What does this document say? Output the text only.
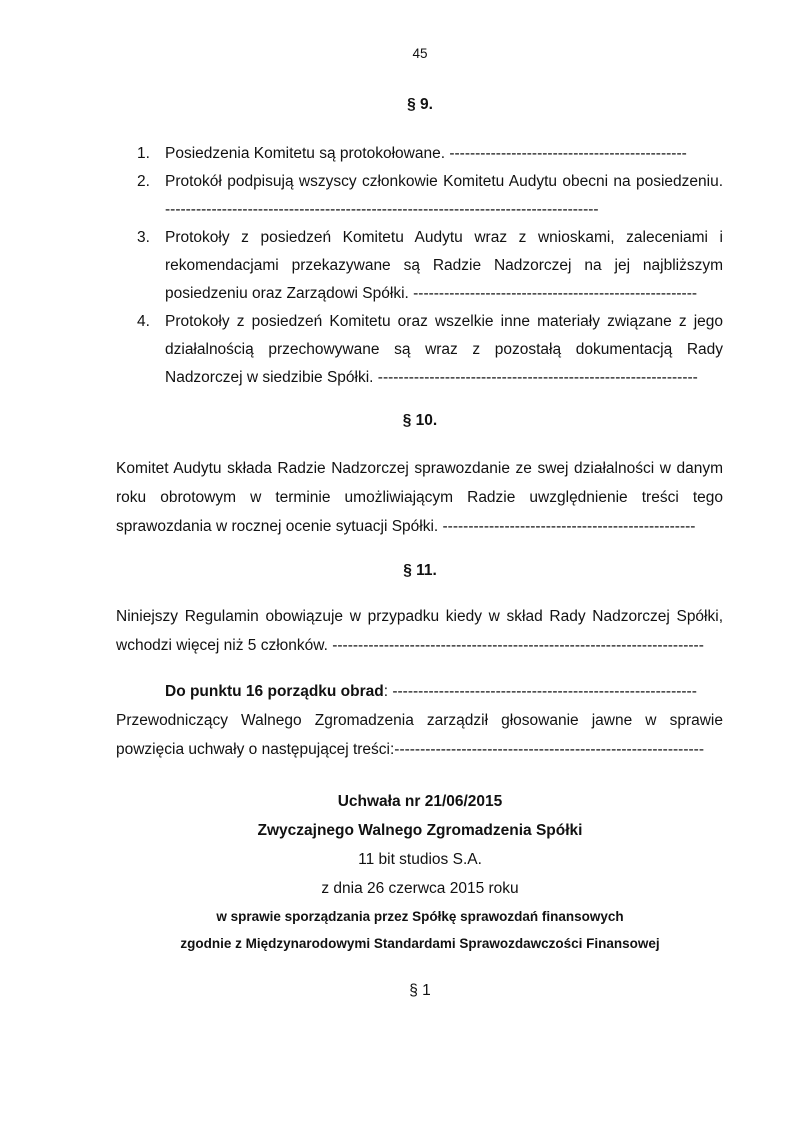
45
§ 9.
1. Posiedzenia Komitetu są protokołowane. ----------------------------------------------
2. Protokół podpisują wszyscy członkowie Komitetu Audytu obecni na posiedzeniu. ------------------------------------------------------------------------------------
3. Protokoły z posiedzeń Komitetu Audytu wraz z wnioskami, zaleceniami i rekomendacjami przekazywane są Radzie Nadzorczej na jej najbliższym posiedzeniu oraz Zarządowi Spółki. -------------------------------------------------------
4. Protokoły z posiedzeń Komitetu oraz wszelkie inne materiały związane z jego działalnością przechowywane są wraz z pozostałą dokumentacją Rady Nadzorczej w siedzibie Spółki. --------------------------------------------------------------
§ 10.

Komitet Audytu składa Radzie Nadzorczej sprawozdanie ze swej działalności w danym roku obrotowym w terminie umożliwiającym Radzie uwzględnienie treści tego sprawozdania w rocznej ocenie sytuacji Spółki. -------------------------------------------------

§ 11.

Niniejszy Regulamin obowiązuje w przypadku kiedy w skład Rady Nadzorczej Spółki, wchodzi więcej niż 5 członków. ------------------------------------------------------------------------

Do punktu 16 porządku obrad: -----------------------------------------------------------

Przewodniczący Walnego Zgromadzenia zarządził głosowanie jawne w sprawie powzięcia uchwały o następującej treści:------------------------------------------------------------

Uchwała nr 21/06/2015

Zwyczajnego Walnego Zgromadzenia Spółki

11 bit studios S.A.

z dnia 26 czerwca 2015 roku

w sprawie sporządzania przez Spółkę sprawozdań finansowych

zgodnie z Międzynarodowymi Standardami Sprawozdawczości Finansowej

§ 1
